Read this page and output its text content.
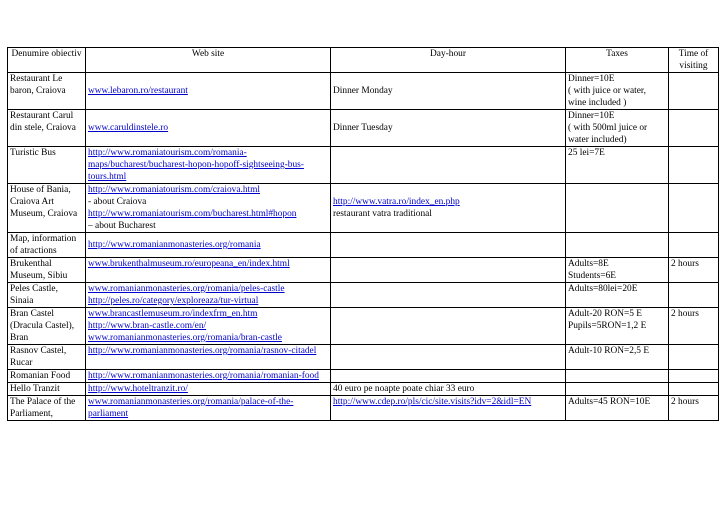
Denumire obiectiv	Web site	Day-hour	Taxes	Time of visiting
Restaurant Le baron, Craiova	www.lebaron.ro/restaurant	Dinner Monday	Dinner=10E
( with juice or water, wine included )	
Restaurant Carul din stele, Craiova	www.caruldinstele.ro	Dinner Tuesday	Dinner=10E
( with 500ml juice or water included)	
Turistic Bus	http://www.romaniatourism.com/romania-maps/bucharest/bucharest-hopon-hopoff-sightseeing-bus-tours.html		25 lei=7E	
House of Bania, Craiova Art Museum, Craiova	http://www.romaniatourism.com/craiova.html
- about Craiova
http://www.romaniatourism.com/bucharest.html#hopon
– about Bucharest	http://www.vatra.ro/index_en.php
restaurant vatra traditional		
Map, information of atractions	http://www.romanianmonasteries.org/romania			
Brukenthal Museum, Sibiu	www.brukenthalmuseum.ro/europeana_en/index.html		Adults=8E
Students=6E	2 hours
Peles Castle, Sinaia	www.romanianmonasteries.org/romania/peles-castle
http://peles.ro/category/exploreaza/tur-virtual		Adults=80lei=20E	
Bran Castel (Dracula Castel), Bran	www.brancastlemuseum.ro/indexfrm_en.htm
http://www.bran-castle.com/en/
www.romanianmonasteries.org/romania/bran-castle		Adult-20 RON=5 E
Pupils=5RON=1,2 E	2 hours
Rasnov Castel, Rucar	http://www.romanianmonasteries.org/romania/rasnov-citadel		Adult-10 RON=2,5 E	
Romanian Food	http://www.romanianmonasteries.org/romania/romanian-food			
Hello Tranzit	http://www.hoteltranzit.ro/	40 euro pe noapte poate chiar 33 euro		
The Palace of the Parliament,	www.romanianmonasteries.org/romania/palace-of-the-parliament	http://www.cdep.ro/pls/cic/site.visits?idv=2&idl=EN	Adults=45 RON=10E	2 hours
